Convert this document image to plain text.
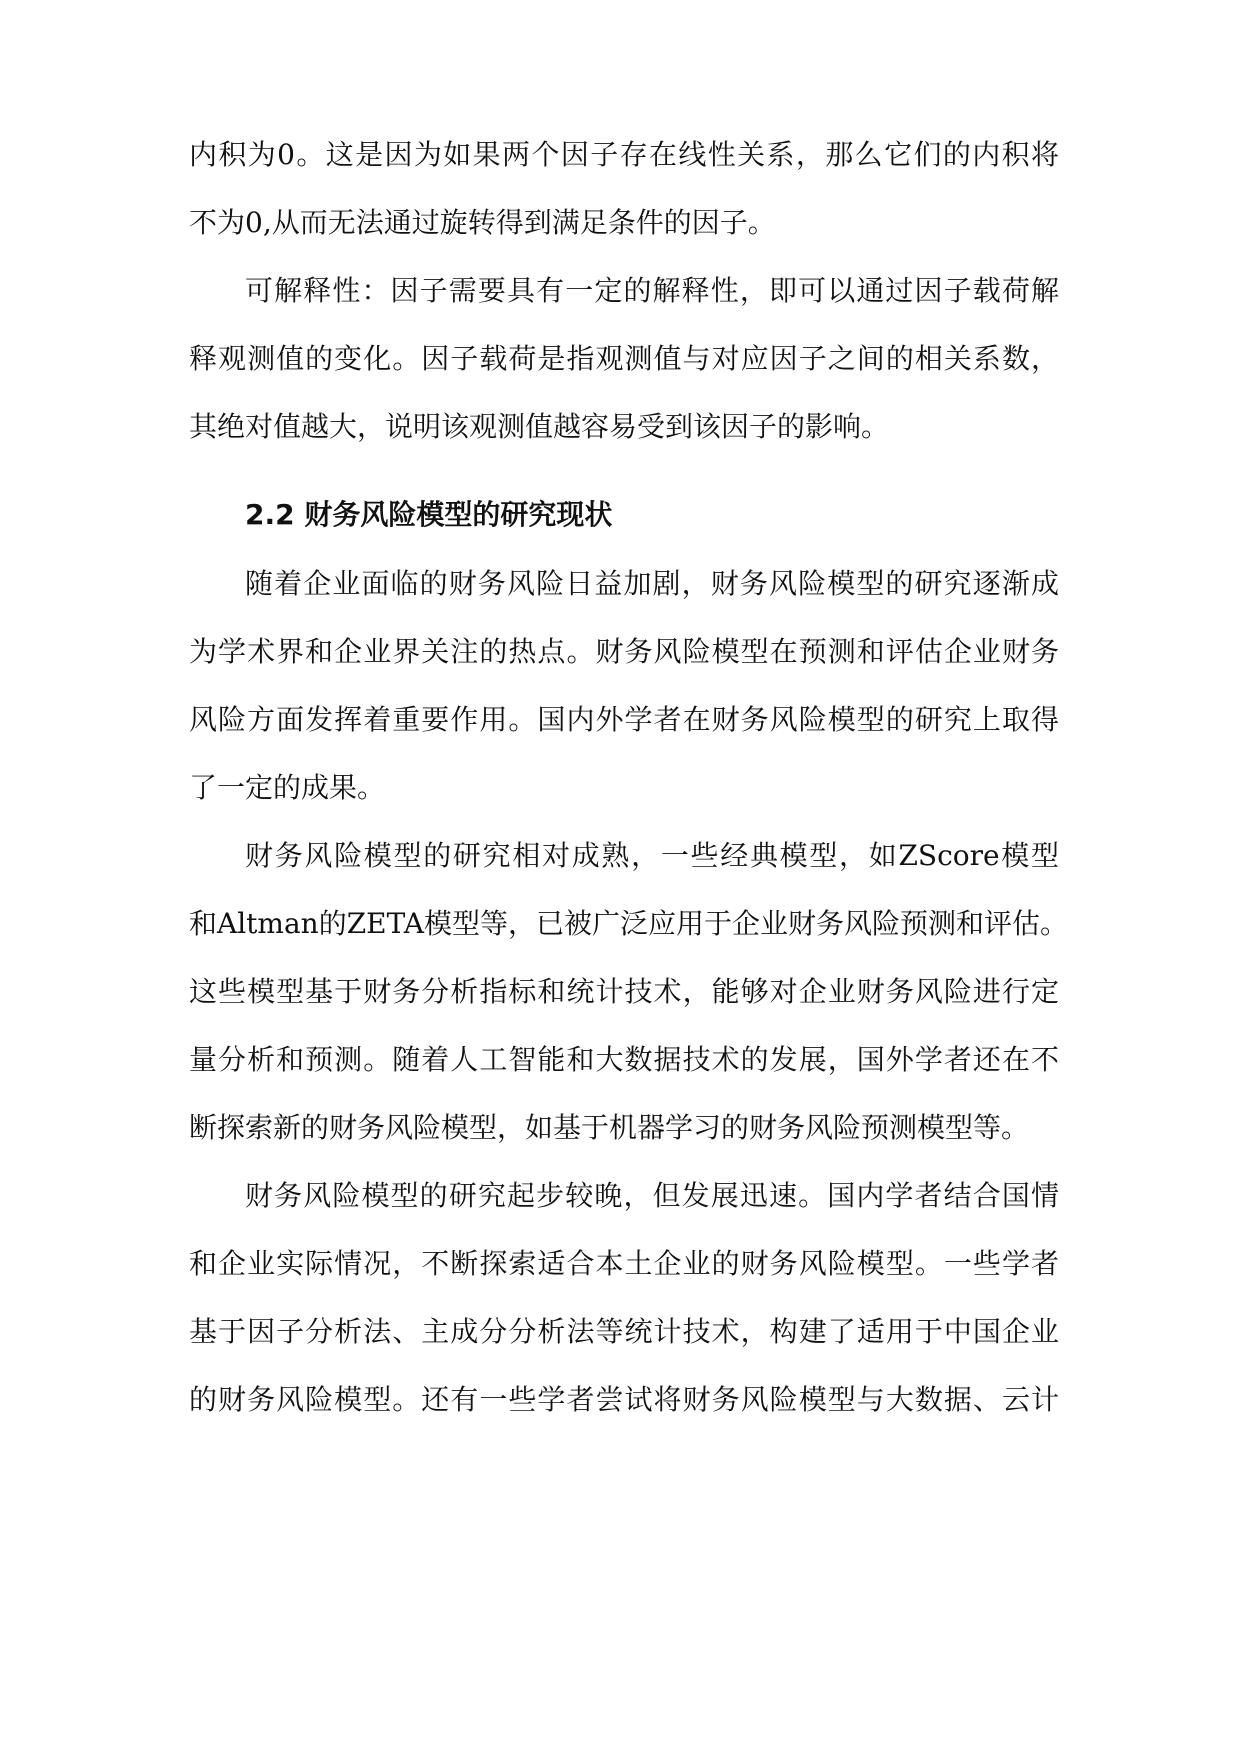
内积为0。这是因为如果两个因子存在线性关系，那么它们的内积将
不为0,从而无法通过旋转得到满足条件的因子。
可解释性：因子需要具有一定的解释性，即可以通过因子载荷解
释观测值的变化。因子载荷是指观测值与对应因子之间的相关系数，
其绝对值越大，说明该观测值越容易受到该因子的影响。
2.2 财务风险模型的研究现状
随着企业面临的财务风险日益加剧，财务风险模型的研究逐渐成
为学术界和企业界关注的热点。财务风险模型在预测和评估企业财务
风险方面发挥着重要作用。国内外学者在财务风险模型的研究上取得
了一定的成果。
财务风险模型的研究相对成熟，一些经典模型，如ZScore模型
和Altman的ZETA模型等，已被广泛应用于企业财务风险预测和评估。
这些模型基于财务分析指标和统计技术，能够对企业财务风险进行定
量分析和预测。随着人工智能和大数据技术的发展，国外学者还在不
断探索新的财务风险模型，如基于机器学习的财务风险预测模型等。
财务风险模型的研究起步较晚，但发展迅速。国内学者结合国情
和企业实际情况，不断探索适合本土企业的财务风险模型。一些学者
基于因子分析法、主成分分析法等统计技术，构建了适用于中国企业
的财务风险模型。还有一些学者尝试将财务风险模型与大数据、云计
